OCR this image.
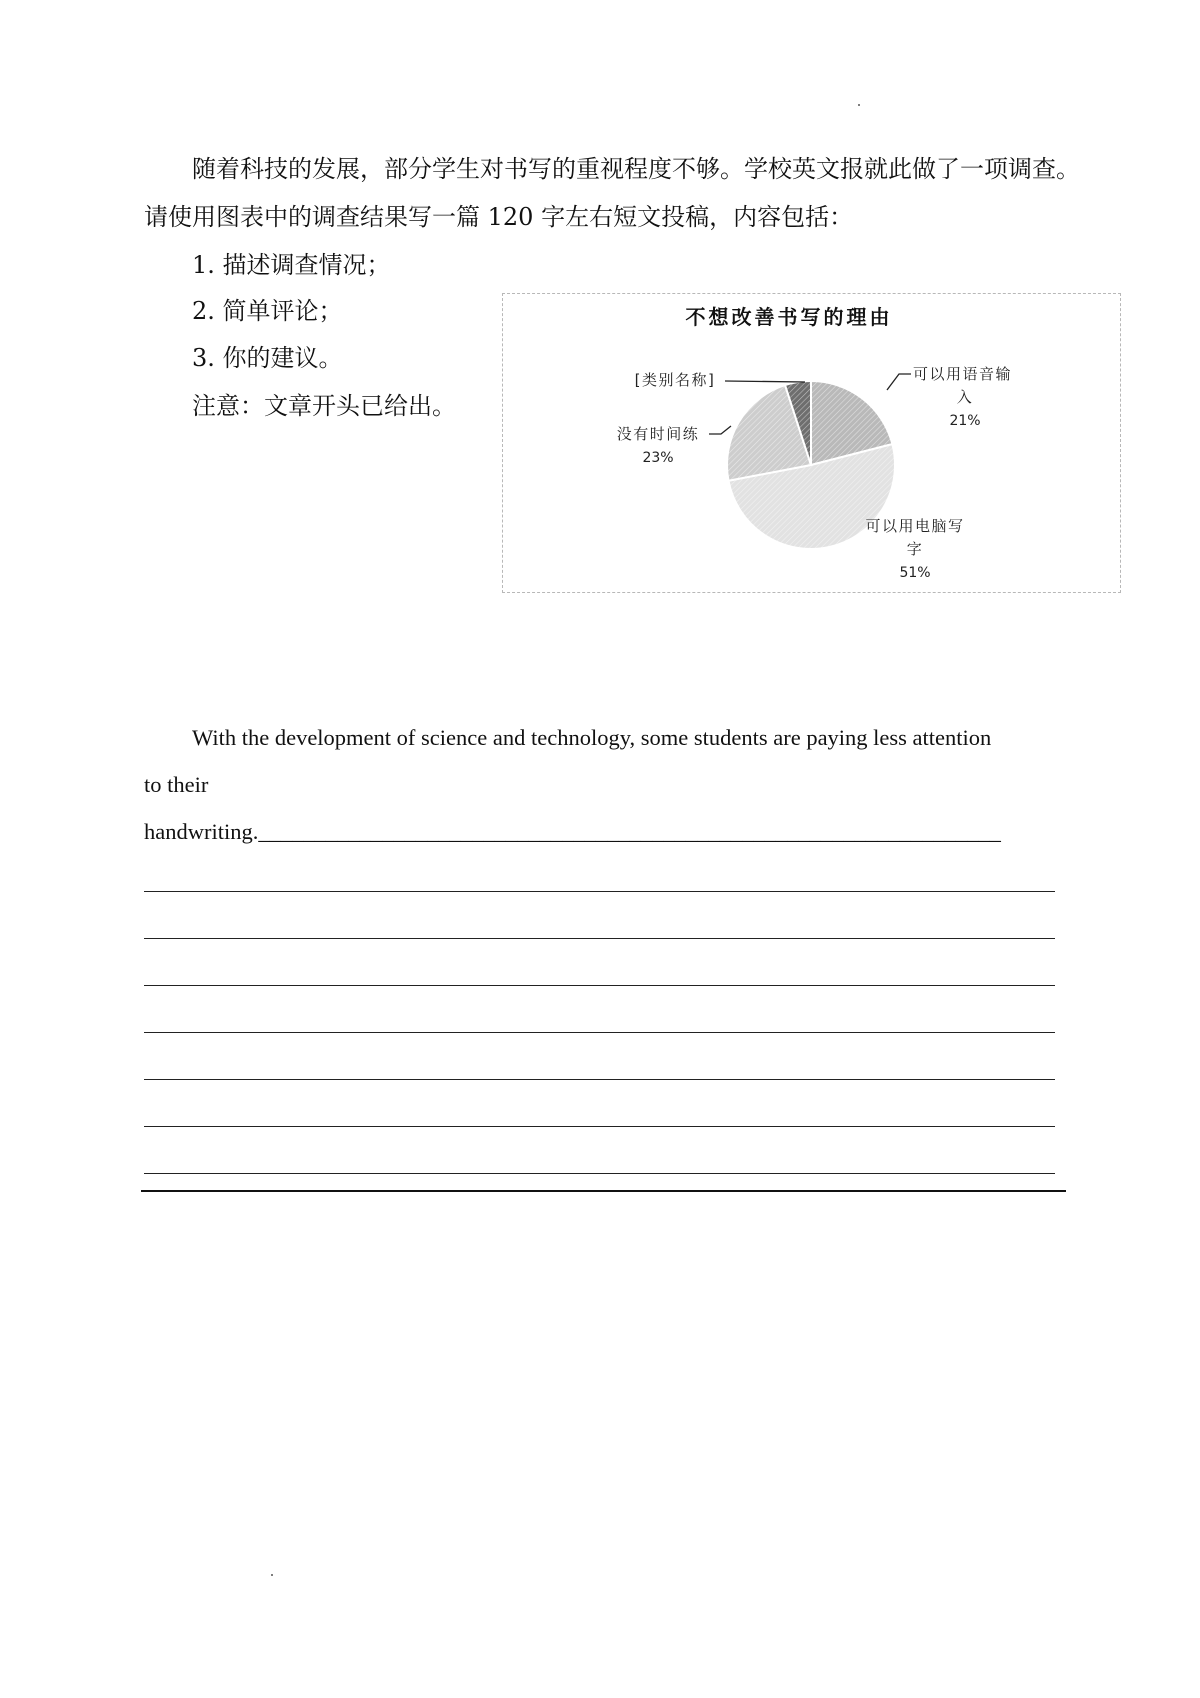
随着科技的发展，部分学生对书写的重视程度不够。学校英文报就此做了一项调查。
请使用图表中的调查结果写一篇 120 字左右短文投稿，内容包括：
1. 描述调查情况；
2. 简单评论；
3. 你的建议。
注意：文章开头已给出。
不想改善书写的理由
可以用语音输
入
21%
可以用电脑写
字
51%
没有时间练
23%
[类别名称]
With the development of science and technology, some students are paying less attention
to their
handwriting.__________________________________________________________________
